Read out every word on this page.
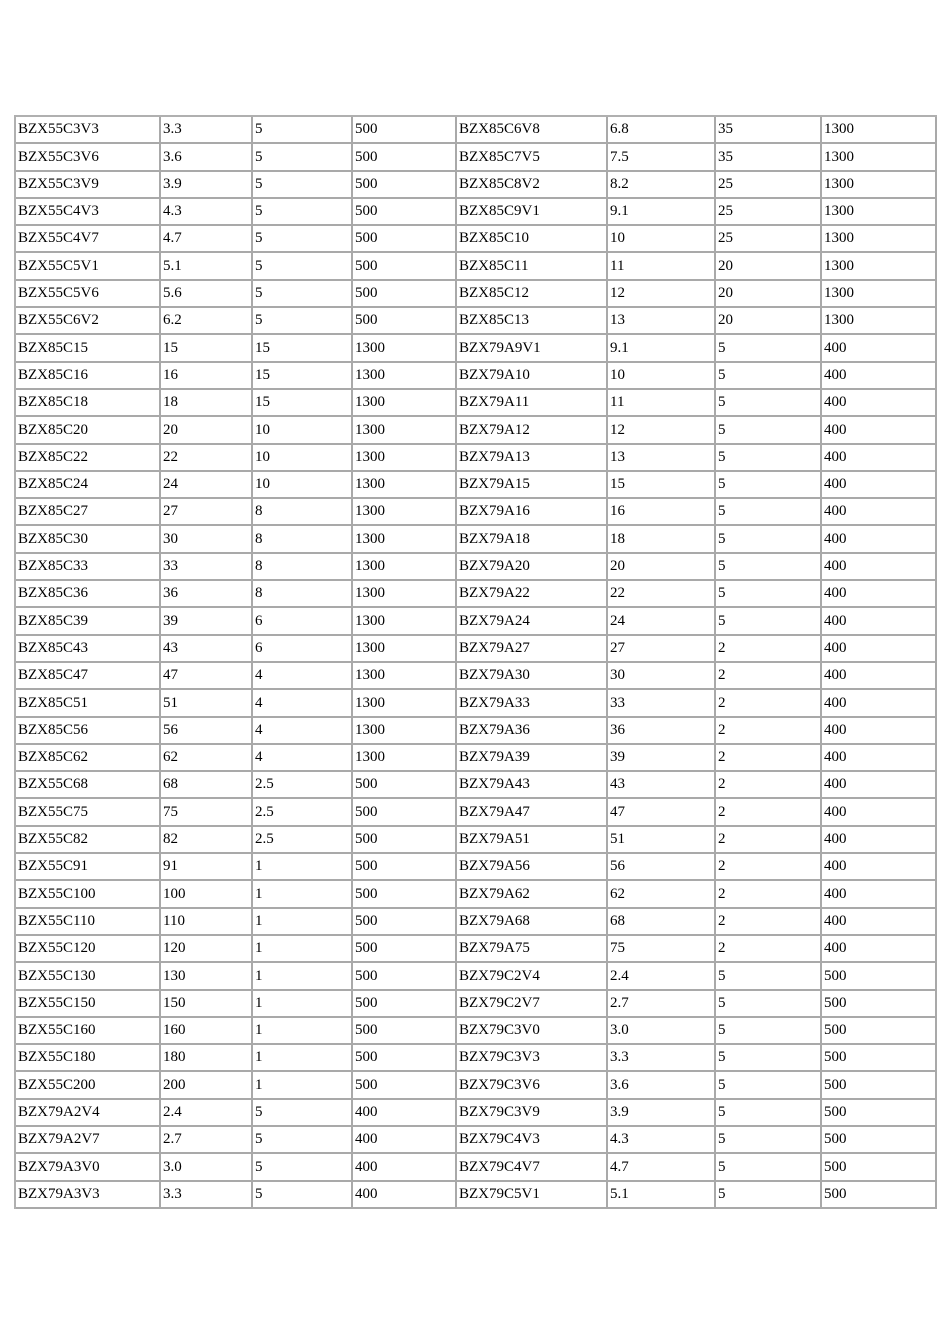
BZX55C3V3	3.3	5	500	BZX85C6V8	6.8	35	1300
BZX55C3V6	3.6	5	500	BZX85C7V5	7.5	35	1300
BZX55C3V9	3.9	5	500	BZX85C8V2	8.2	25	1300
BZX55C4V3	4.3	5	500	BZX85C9V1	9.1	25	1300
BZX55C4V7	4.7	5	500	BZX85C10	10	25	1300
BZX55C5V1	5.1	5	500	BZX85C11	11	20	1300
BZX55C5V6	5.6	5	500	BZX85C12	12	20	1300
BZX55C6V2	6.2	5	500	BZX85C13	13	20	1300
BZX85C15	15	15	1300	BZX79A9V1	9.1	5	400
BZX85C16	16	15	1300	BZX79A10	10	5	400
BZX85C18	18	15	1300	BZX79A11	11	5	400
BZX85C20	20	10	1300	BZX79A12	12	5	400
BZX85C22	22	10	1300	BZX79A13	13	5	400
BZX85C24	24	10	1300	BZX79A15	15	5	400
BZX85C27	27	8	1300	BZX79A16	16	5	400
BZX85C30	30	8	1300	BZX79A18	18	5	400
BZX85C33	33	8	1300	BZX79A20	20	5	400
BZX85C36	36	8	1300	BZX79A22	22	5	400
BZX85C39	39	6	1300	BZX79A24	24	5	400
BZX85C43	43	6	1300	BZX79A27	27	2	400
BZX85C47	47	4	1300	BZX79A30	30	2	400
BZX85C51	51	4	1300	BZX79A33	33	2	400
BZX85C56	56	4	1300	BZX79A36	36	2	400
BZX85C62	62	4	1300	BZX79A39	39	2	400
BZX55C68	68	2.5	500	BZX79A43	43	2	400
BZX55C75	75	2.5	500	BZX79A47	47	2	400
BZX55C82	82	2.5	500	BZX79A51	51	2	400
BZX55C91	91	1	500	BZX79A56	56	2	400
BZX55C100	100	1	500	BZX79A62	62	2	400
BZX55C110	110	1	500	BZX79A68	68	2	400
BZX55C120	120	1	500	BZX79A75	75	2	400
BZX55C130	130	1	500	BZX79C2V4	2.4	5	500
BZX55C150	150	1	500	BZX79C2V7	2.7	5	500
BZX55C160	160	1	500	BZX79C3V0	3.0	5	500
BZX55C180	180	1	500	BZX79C3V3	3.3	5	500
BZX55C200	200	1	500	BZX79C3V6	3.6	5	500
BZX79A2V4	2.4	5	400	BZX79C3V9	3.9	5	500
BZX79A2V7	2.7	5	400	BZX79C4V3	4.3	5	500
BZX79A3V0	3.0	5	400	BZX79C4V7	4.7	5	500
BZX79A3V3	3.3	5	400	BZX79C5V1	5.1	5	500
